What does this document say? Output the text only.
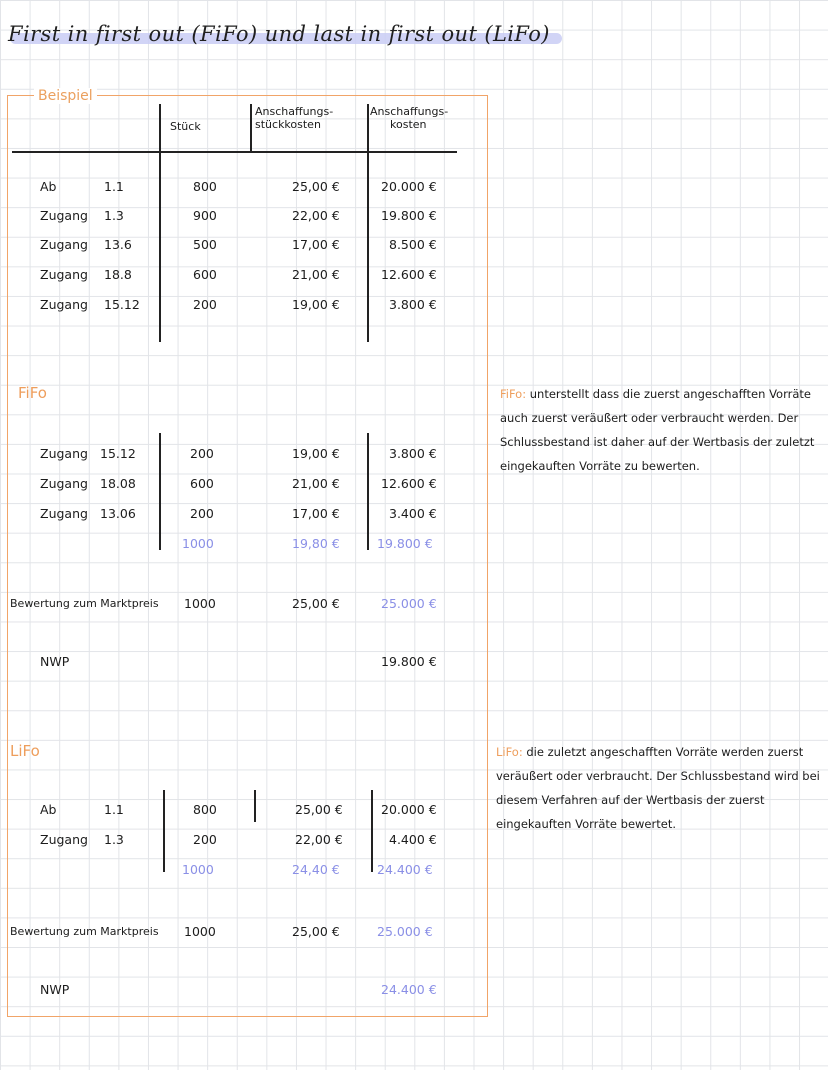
First in first out (FiFo) und last in first out (LiFo)
Beispiel
Stück
Anschaffungs-
stückkosten
Anschaffungs-
kosten
Ab	1.1	800	25,00 €	20.000 €
Zugang 1.3	900	22,00 €	19.800 €
Zugang 13.6	500	17,00 €	8.500 €
Zugang 18.8	600	21,00 €	12.600 €
Zugang 15.12	200	19,00 €	3.800 €
FiFo
Zugang 15.12	200	19,00 €	3.800 €
Zugang 18.08	600	21,00 €	12.600 €
Zugang 13.06	200	17,00 €	3.400 €
1000	19,80 €	19.800 €
Bewertung zum Marktpreis 1000	25,00 €	25.000 €
NWP	19.800 €
LiFo
Ab	1.1	800	25,00 €	20.000 €
Zugang 1.3	200	22,00 €	4.400 €
1000	24,40 €	24.400 €
Bewertung zum Marktpreis 1000	25,00 €	25.000 €
NWP	24.400 €
FiFo: unterstellt dass die zuerst angeschafften Vorräte auch zuerst veräußert oder verbraucht werden. Der Schlussbestand ist daher auf der Wertbasis der zuletzt eingekauften Vorräte zu bewerten.
LiFo: die zuletzt angeschafften Vorräte werden zuerst veräußert oder verbraucht. Der Schlussbestand wird bei diesem Verfahren auf der Wertbasis der zuerst eingekauften Vorräte bewertet.
